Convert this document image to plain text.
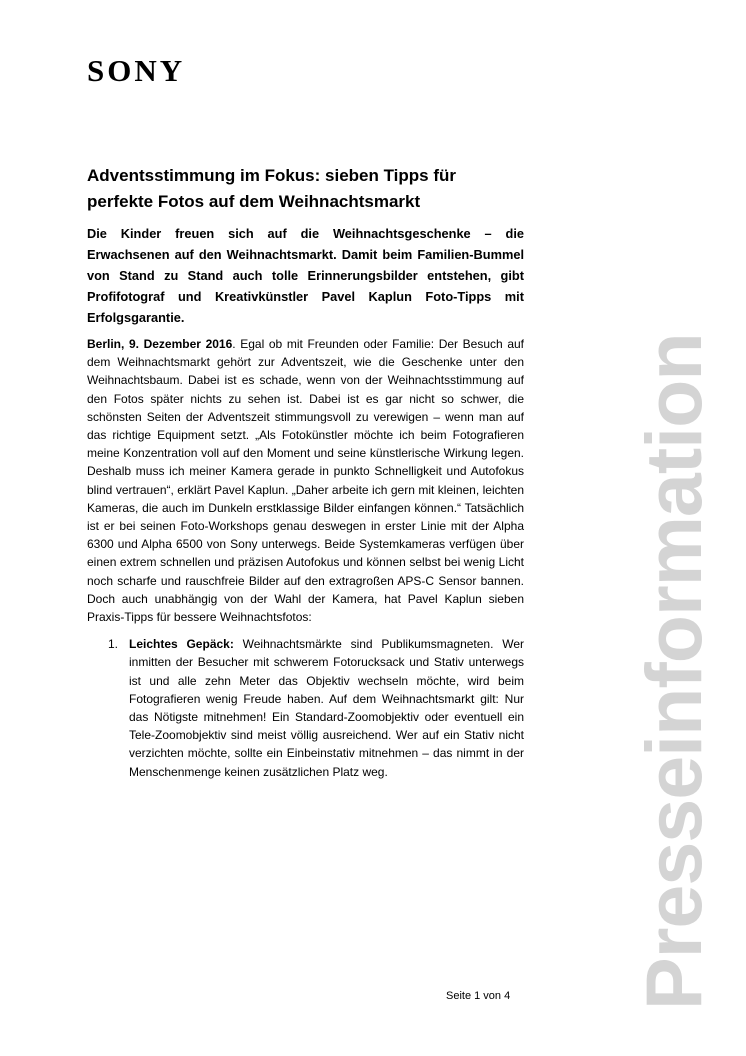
SONY
Presseinformation
Adventsstimmung im Fokus: sieben Tipps für perfekte Fotos auf dem Weihnachtsmarkt

Die Kinder freuen sich auf die Weihnachtsgeschenke – die Erwachsenen auf den Weihnachtsmarkt. Damit beim Familien-Bummel von Stand zu Stand auch tolle Erinnerungsbilder entstehen, gibt Profifotograf und Kreativkünstler Pavel Kaplun Foto-Tipps mit Erfolgsgarantie.

Berlin, 9. Dezember 2016. Egal ob mit Freunden oder Familie: Der Besuch auf dem Weihnachtsmarkt gehört zur Adventszeit, wie die Geschenke unter den Weihnachtsbaum. Dabei ist es schade, wenn von der Weihnachtsstimmung auf den Fotos später nichts zu sehen ist. Dabei ist es gar nicht so schwer, die schönsten Seiten der Adventszeit stimmungsvoll zu verewigen – wenn man auf das richtige Equipment setzt. „Als Fotokünstler möchte ich beim Fotografieren meine Konzentration voll auf den Moment und seine künstlerische Wirkung legen. Deshalb muss ich meiner Kamera gerade in punkto Schnelligkeit und Autofokus blind vertrauen“, erklärt Pavel Kaplun. „Daher arbeite ich gern mit kleinen, leichten Kameras, die auch im Dunkeln erstklassige Bilder einfangen können.“ Tatsächlich ist er bei seinen Foto-Workshops genau deswegen in erster Linie mit der Alpha 6300 und Alpha 6500 von Sony unterwegs. Beide Systemkameras verfügen über einen extrem schnellen und präzisen Autofokus und können selbst bei wenig Licht noch scharfe und rauschfreie Bilder auf den extragroßen APS-C Sensor bannen. Doch auch unabhängig von der Wahl der Kamera, hat Pavel Kaplun sieben Praxis-Tipps für bessere Weihnachtsfotos:

1. Leichtes Gepäck: Weihnachtsmärkte sind Publikumsmagneten. Wer inmitten der Besucher mit schwerem Fotorucksack und Stativ unterwegs ist und alle zehn Meter das Objektiv wechseln möchte, wird beim Fotografieren wenig Freude haben. Auf dem Weihnachtsmarkt gilt: Nur das Nötigste mitnehmen! Ein Standard-Zoomobjektiv oder eventuell ein Tele-Zoomobjektiv sind meist völlig ausreichend. Wer auf ein Stativ nicht verzichten möchte, sollte ein Einbeinstativ mitnehmen – das nimmt in der Menschenmenge keinen zusätzlichen Platz weg.
Seite 1 von 4
